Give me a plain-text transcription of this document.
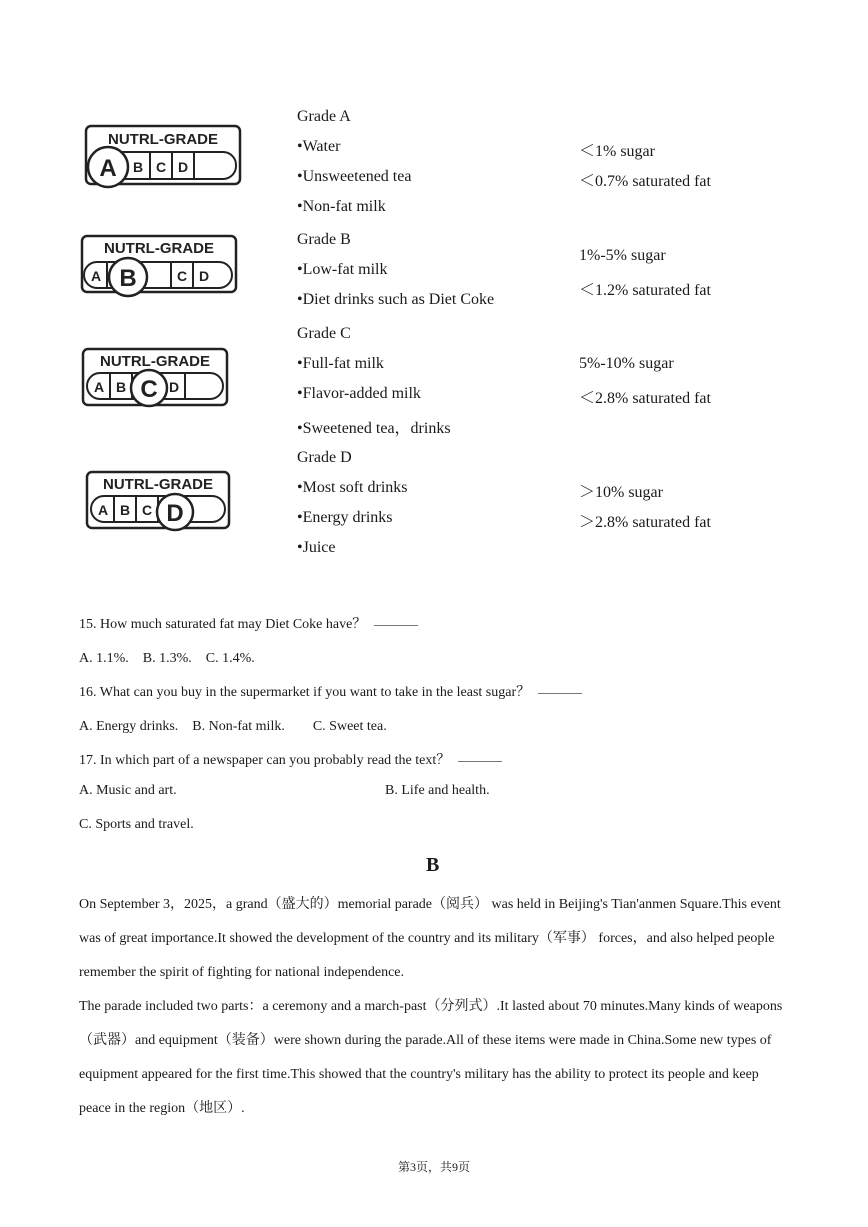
NUTRL-GRADE
A B C D
NUTRL-GRADE
A B	C D
NUTRL-GRADE
A B C D
NUTRL-GRADE
A B C D
Grade A
•Water
•Unsweetened tea
•Non-fat milk
＜1% sugar
＜0.7% saturated fat
Grade B
•Low-fat milk
•Diet drinks such as Diet Coke
1%-5% sugar
＜1.2% saturated fat
Grade C
•Full-fat milk
•Flavor-added milk
•Sweetened tea，drinks
5%-10% sugar
＜2.8% saturated fat
Grade D
•Most soft drinks
•Energy drinks
•Juice
＞10% sugar
＞2.8% saturated fat
15. How much saturated fat may Diet Coke have？
A. 1.1%.　B. 1.3%.　C. 1.4%.
16. What can you buy in the supermarket if you want to take in the least sugar？
A. Energy drinks.　B. Non-fat milk.　　C. Sweet tea.
17. In which part of a newspaper can you probably read the text？
A. Music and art.	B. Life and health.
C. Sports and travel.
B

On September 3，2025，a grand（盛大的）memorial parade（阅兵） was held in Beijing's Tian'anmen Square.This event was of great importance.It showed the development of the country and its military（军事） forces，and also helped people remember the spirit of fighting for national independence.

The parade included two parts：a ceremony and a march-past（分列式）.It lasted about 70 minutes.Many kinds of weapons（武器）and equipment（装备）were shown during the parade.All of these items were made in China.Some new types of equipment appeared for the first time.This showed that the country's military has the ability to protect its people and keep peace in the region（地区）.

第3页，共9页
